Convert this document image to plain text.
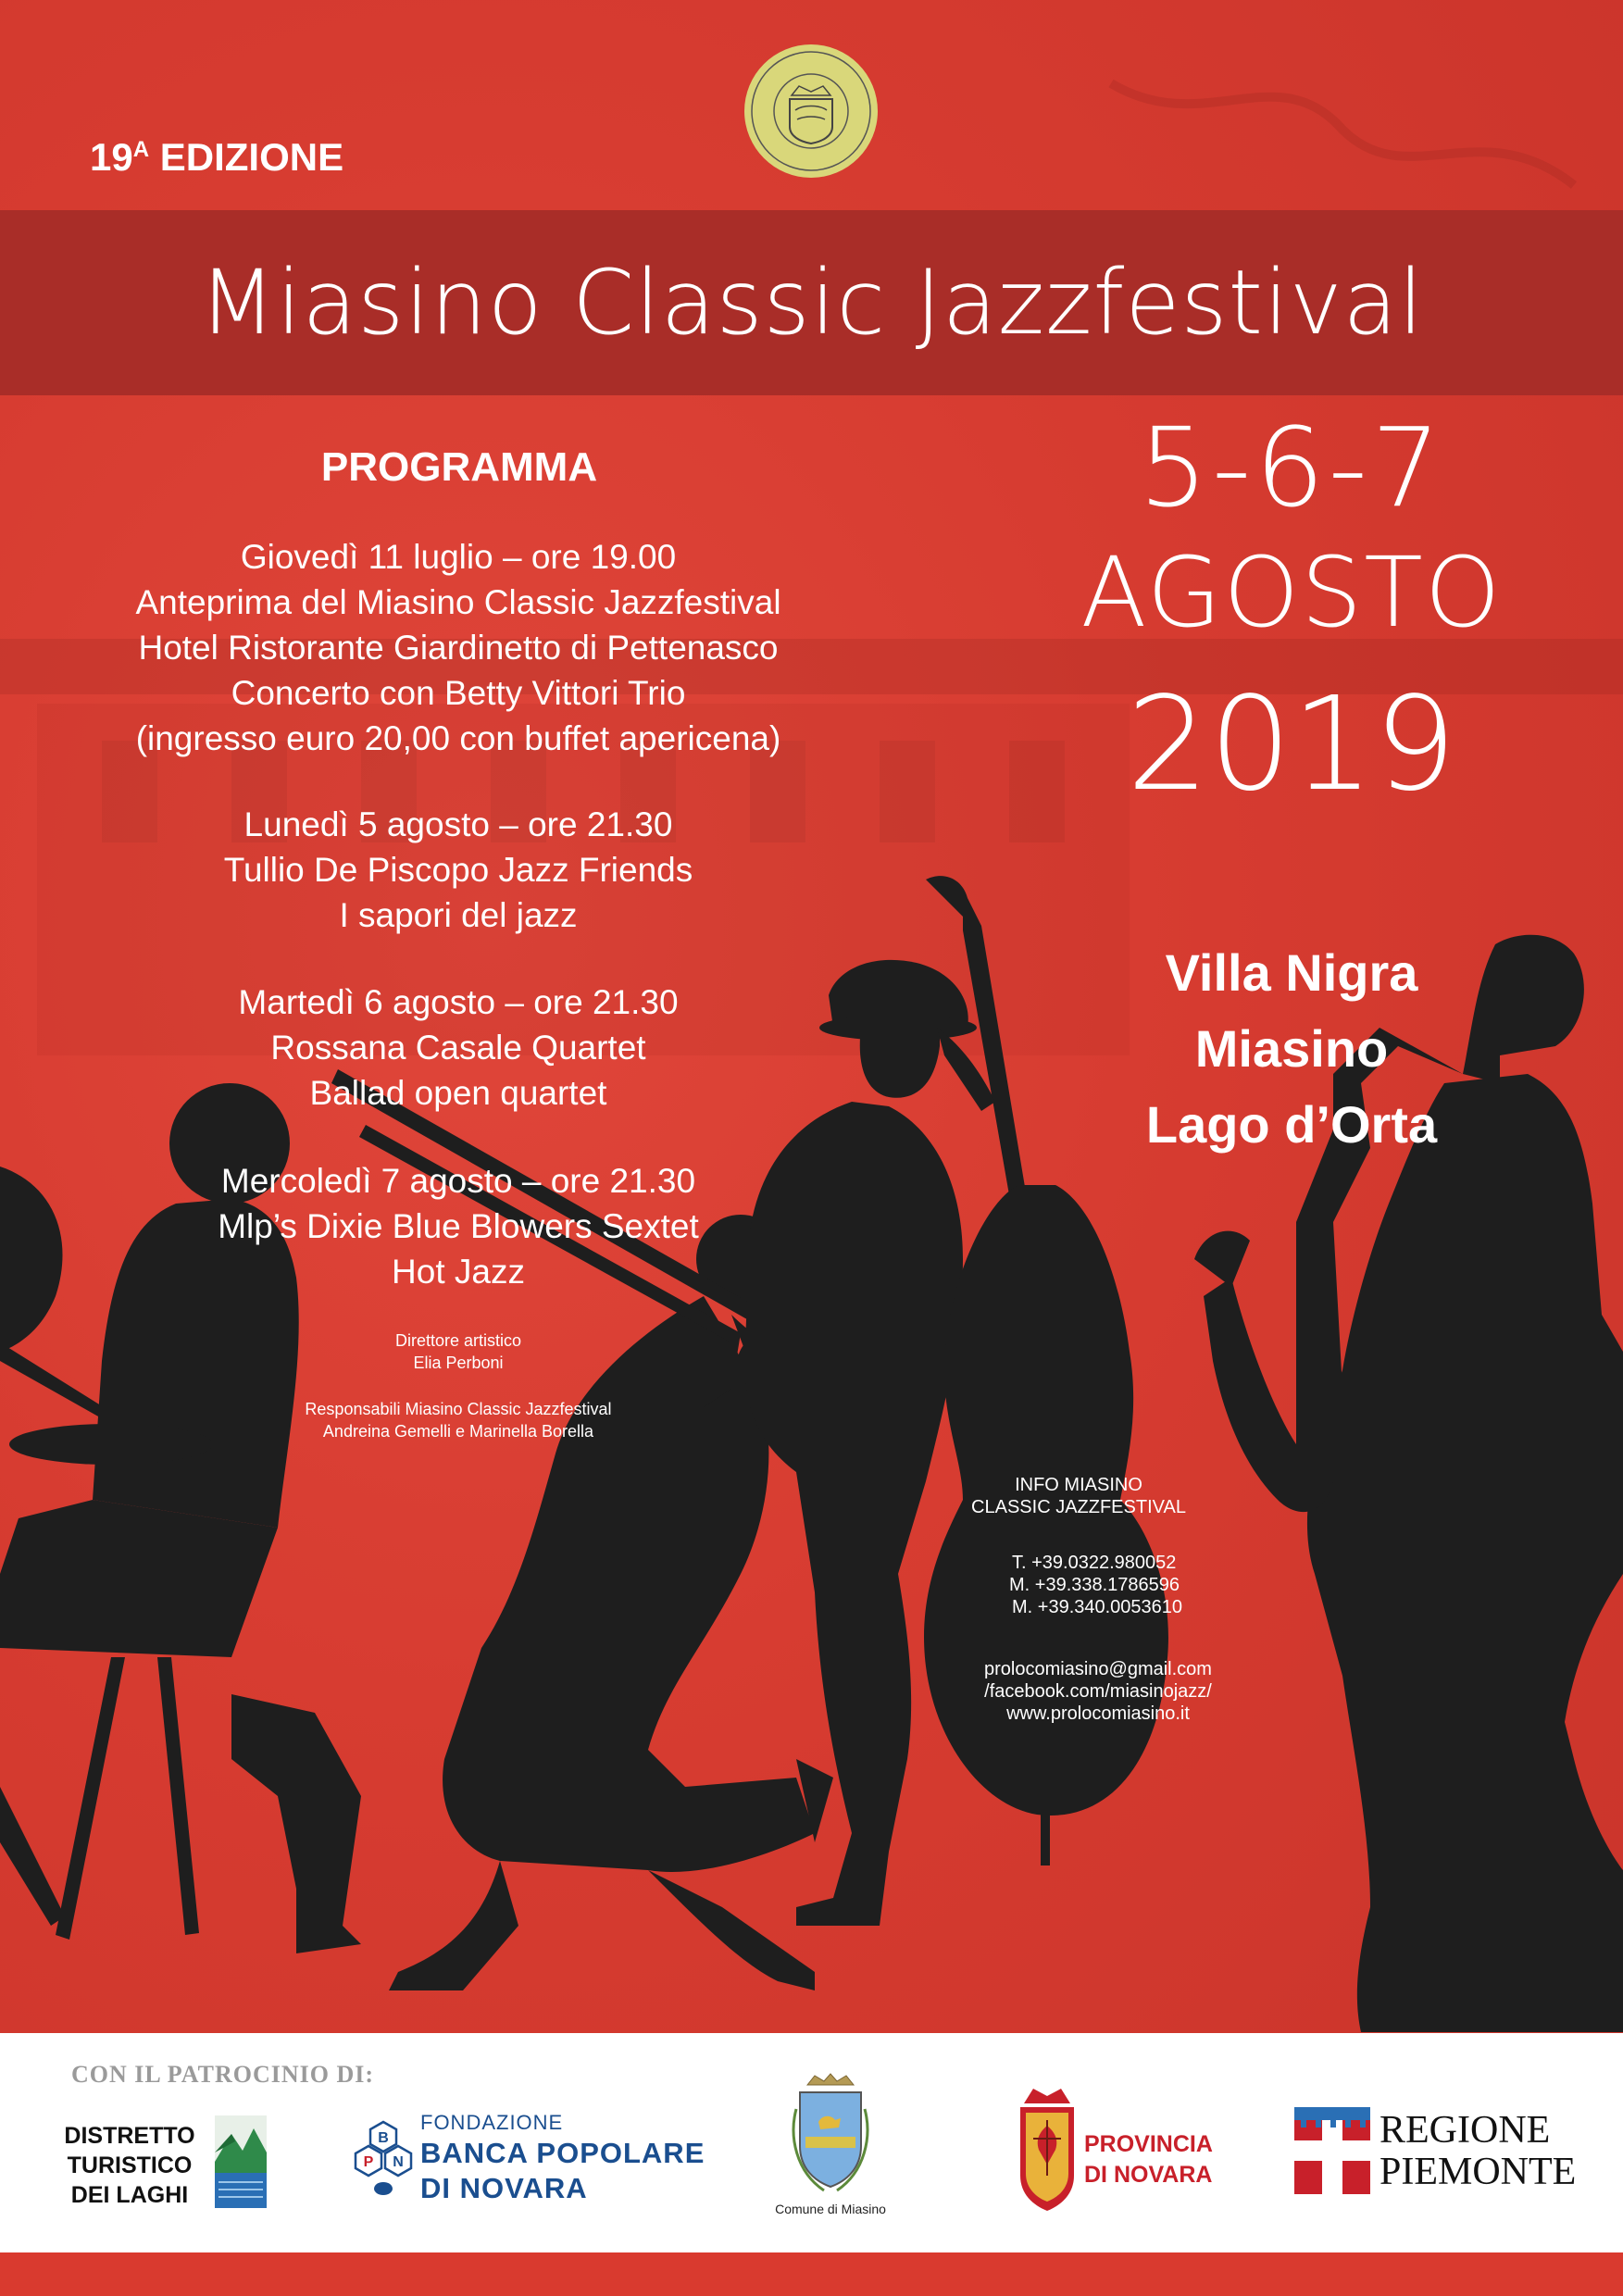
Miasino Classic Jazzfestival
$19^A$ EDIZIONE
PROGRAMMA
Giovedì 11 luglio – ore 19.00
Anteprima del Miasino Classic Jazzfestival
Hotel Ristorante Giardinetto di Pettenasco
Concerto con Betty Vittori Trio
(ingresso euro 20,00 con buffet apericena)
Lunedì 5 agosto – ore 21.30
Tullio De Piscopo Jazz Friends
I sapori del jazz
Martedì 6 agosto – ore 21.30
Rossana Casale Quartet
Ballad open quartet
Mercoledì 7 agosto – ore 21.30
Mlp’s Dixie Blue Blowers Sextet
Hot Jazz
Direttore artistico
Elia Perboni
Responsabili Miasino Classic Jazzfestival
Andreina Gemelli e Marinella Borella
5-6-7
AGOSTO
2019
Villa Nigra
Miasino
Lago d’Orta
INFO MIASINO
CLASSIC JAZZFESTIVAL
T. +39.0322.980052
M. +39.338.1786596
M. +39.340.0053610
prolocomiasino@gmail.com
/facebook.com/miasinojazz/
www.prolocomiasino.it
CON IL PATROCINIO DI:
DISTRETTO
TURISTICO
DEI LAGHI
B
P N
FONDAZIONE
BANCA POPOLARE
DI NOVARA
Comune di Miasino
PROVINCIA
DI NOVARA
REGIONE
PIEMONTE
